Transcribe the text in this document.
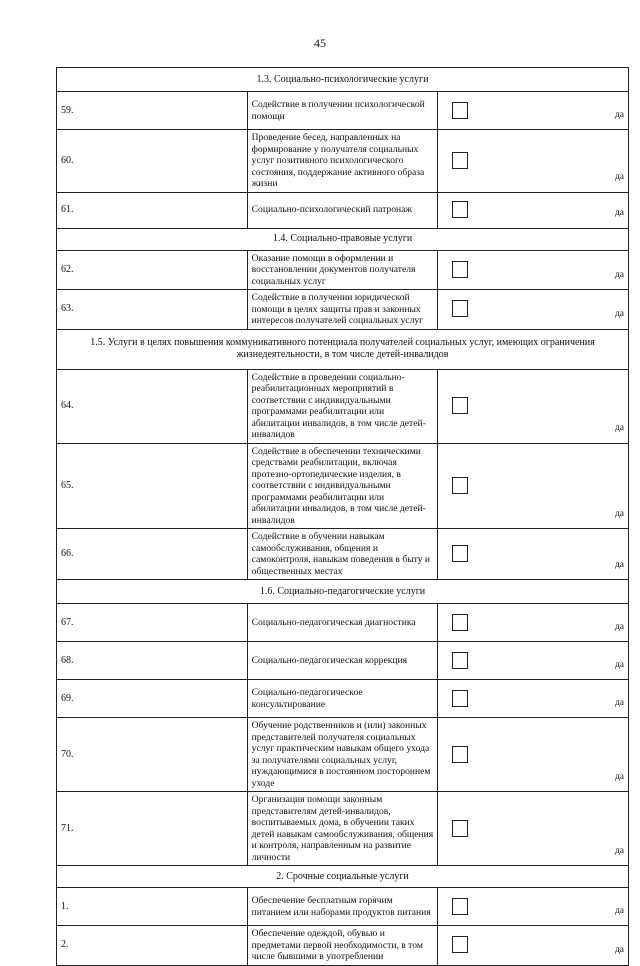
45
1.3. Социально-психологические услуги		
59.	Содействие в получении психологической помощи	да

60.	Проведение бесед, направленных на формирование у получателя социальных услуг позитивного психологического состояния, поддержание активного образа жизни	да

61.	Социально-психологический патронаж	да

1.4. Социально-правовые услуги		
62.	Оказание помощи в оформлении и восстановлении документов получателя социальных услуг	да

63.	Содействие в получении юридической помощи в целях защиты прав и законных интересов получателей социальных услуг	да

1.5. Услуги в целях повышения коммуникативного потенциала получателей социальных услуг, имеющих ограничения жизнедеятельности, в том числе детей-инвалидов		
64.	Содействие в проведении социально-реабилитационных мероприятий в соответствии с индивидуальными программами реабилитации или абилитации инвалидов, в том числе детей- инвалидов	да

65.	Содействие в обеспечении техническими средствами реабилитации, включая протезно-ортопедические изделия, в соответствии с индивидуальными программами реабилитации или абилитации инвалидов, в том числе детей-инвалидов	да

66.	Содействие в обучении навыкам самообслуживания, общения и самоконтроля, навыкам поведения в быту и общественных местах	да

1.6. Социально-педагогические услуги		
67.	Социально-педагогическая диагностика	да

68.	Социально-педагогическая коррекция	да

69.	Социально-педагогическое консультирование	да

70.	Обучение родственников и (или) законных представителей получателя социальных услуг практическим навыкам общего ухода за получателями социальных услуг, нуждающимися в постоянном постороннем уходе	да

71.	Организация помощи законным представителям детей-инвалидов, воспитываемых дома, в обучении таких детей навыкам самообслуживания, общения и контроля, направленным на развитие личности	да

2. Срочные социальные услуги		
1.	Обеспечение бесплатным горячим питанием или наборами продуктов питания	да

2.	Обеспечение одеждой, обувью и предметами первой необходимости, в том числе бывшими в употреблении	да
